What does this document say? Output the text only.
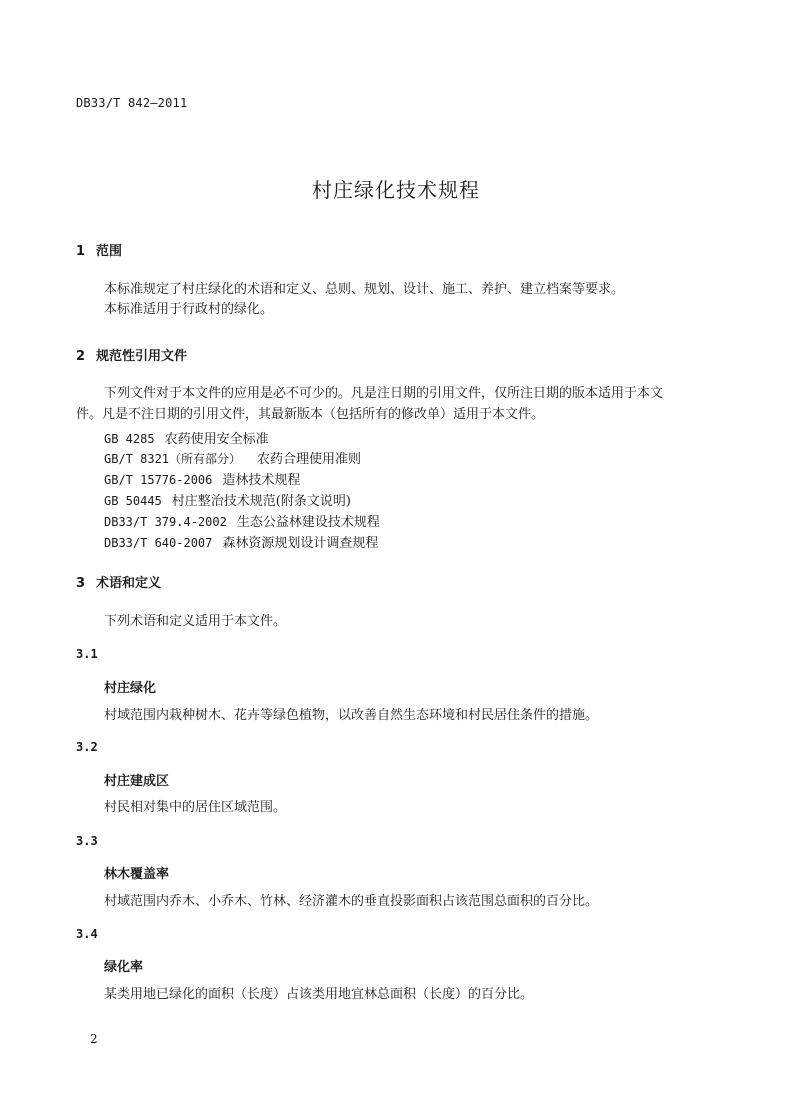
DB33/T 842—2011
村庄绿化技术规程
1 范围
本标准规定了村庄绿化的术语和定义、总则、规划、设计、施工、养护、建立档案等要求。
本标准适用于行政村的绿化。
2 规范性引用文件
下列文件对于本文件的应用是必不可少的。凡是注日期的引用文件，仅所注日期的版本适用于本文
件。凡是不注日期的引用文件，其最新版本（包括所有的修改单）适用于本文件。
GB 4285 农药使用安全标准
GB/T 8321（所有部分） 农药合理使用准则
GB/T 15776-2006 造林技术规程
GB 50445 村庄整治技术规范(附条文说明)
DB33/T 379.4-2002 生态公益林建设技术规程
DB33/T 640-2007 森林资源规划设计调查规程
3 术语和定义
下列术语和定义适用于本文件。
3.1
村庄绿化
村域范围内栽种树木、花卉等绿色植物，以改善自然生态环境和村民居住条件的措施。
3.2
村庄建成区
村民相对集中的居住区域范围。
3.3
林木覆盖率
村域范围内乔木、小乔木、竹林、经济灌木的垂直投影面积占该范围总面积的百分比。
3.4
绿化率
某类用地已绿化的面积（长度）占该类用地宜林总面积（长度）的百分比。
2
